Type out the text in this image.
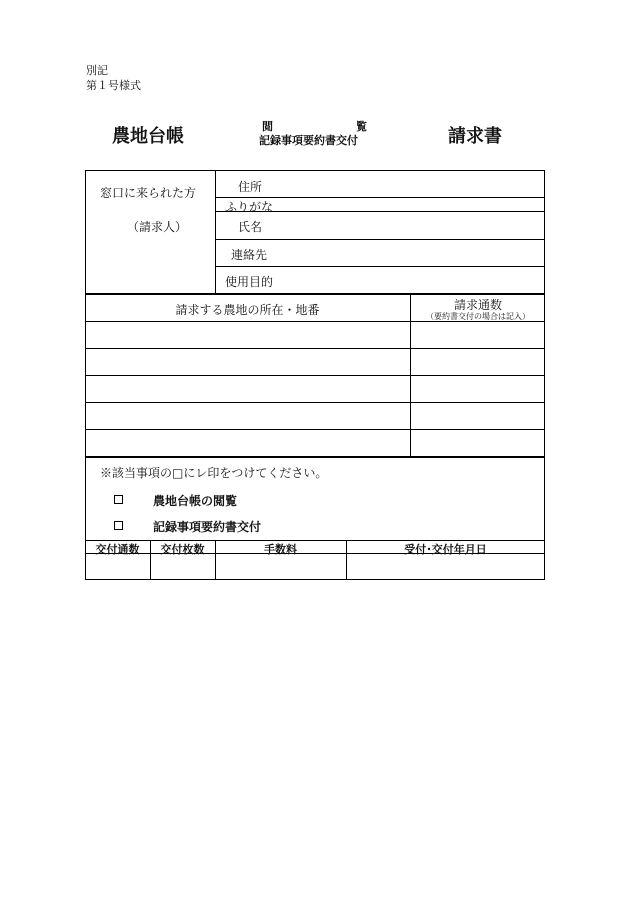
別記
第１号様式
農地台帳	閲	覧
記録事項要約書交付	請求書
窓口に来られた方
（請求人）
住所
ふりがな
氏名
連絡先
使用目的
請求する農地の所在・地番	請求通数
（要約書交付の場合は記入）
※該当事項の□にレ印をつけてください。
農地台帳の閲覧
記録事項要約書交付
交付通数	交付枚数	手数料	受付･交付年月日
